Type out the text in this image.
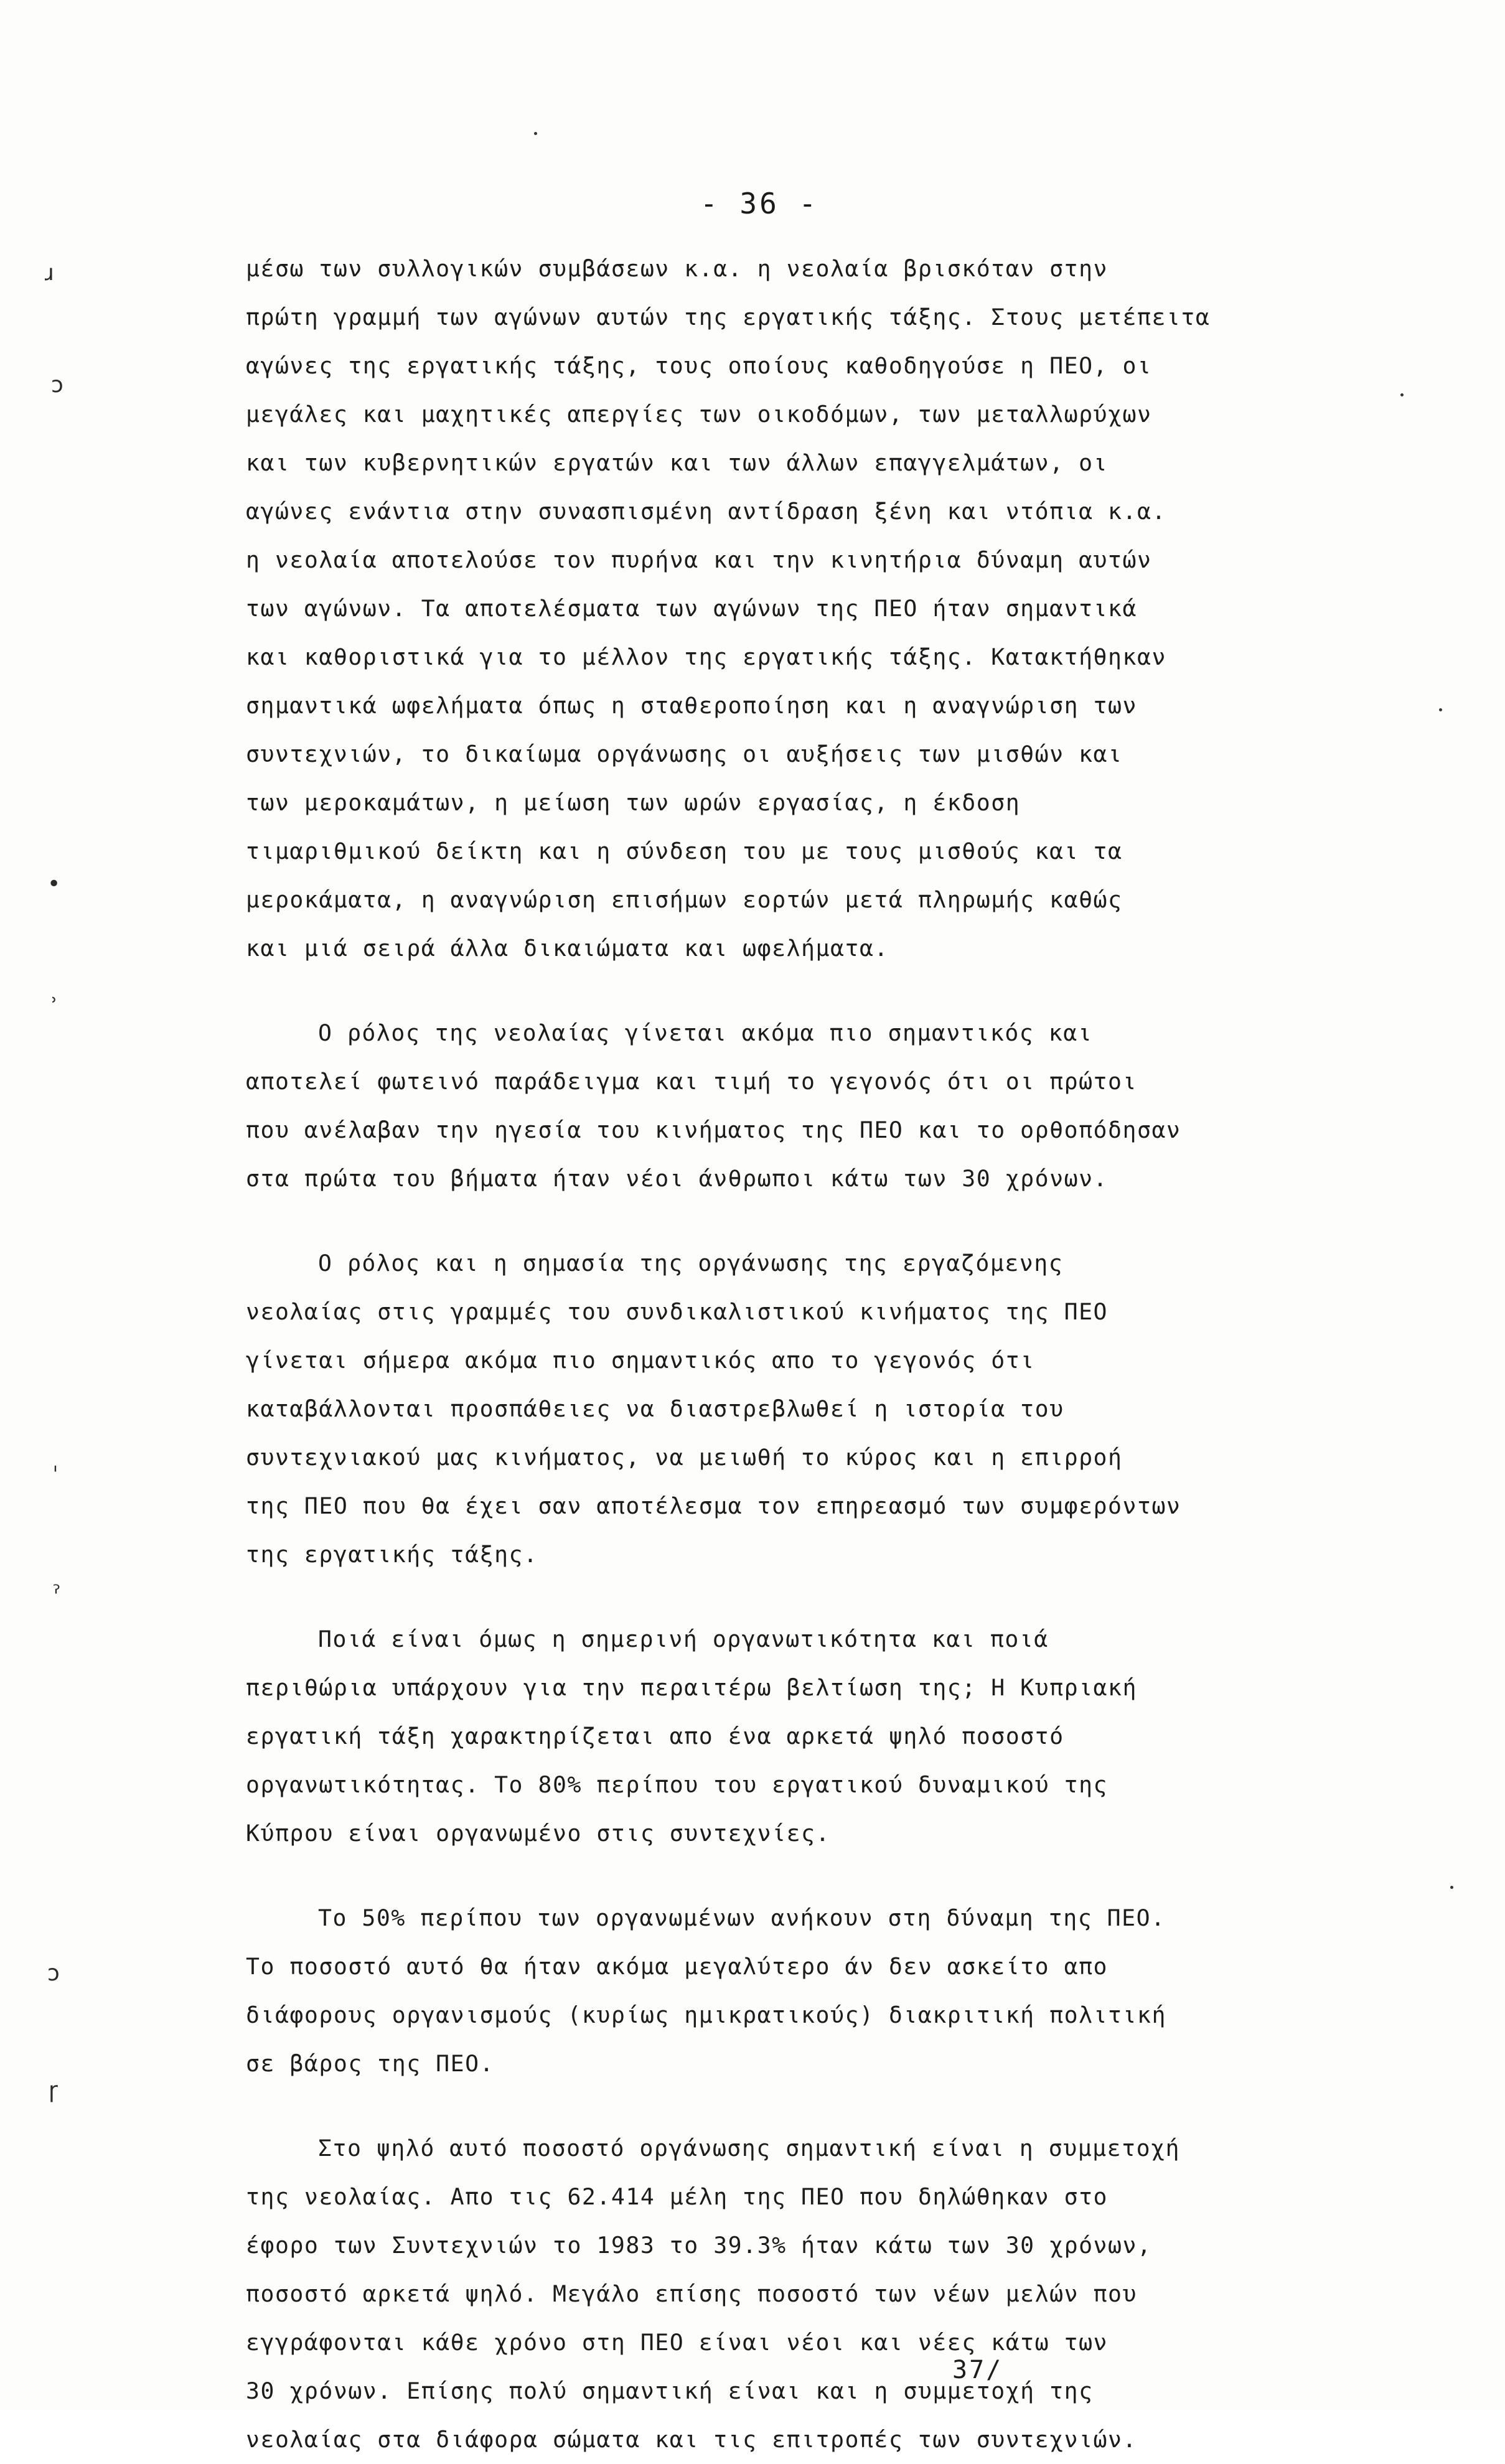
- 36 -
μέσω των συλλογικών συμβάσεων κ.α. η νεολαία βρισκόταν στην
πρώτη γραμμή των αγώνων αυτών της εργατικής τάξης. Στους μετέπειτα
αγώνες της εργατικής τάξης, τους οποίους καθοδηγούσε η ΠΕΟ, οι
μεγάλες και μαχητικές απεργίες των οικοδόμων, των μεταλλωρύχων
και των κυβερνητικών εργατών και των άλλων επαγγελμάτων, οι
αγώνες ενάντια στην συνασπισμένη αντίδραση ξένη και ντόπια κ.α.
η νεολαία αποτελούσε τον πυρήνα και την κινητήρια δύναμη αυτών
των αγώνων. Τα αποτελέσματα των αγώνων της ΠΕΟ ήταν σημαντικά
και καθοριστικά για το μέλλον της εργατικής τάξης. Κατακτήθηκαν
σημαντικά ωφελήματα όπως η σταθεροποίηση και η αναγνώριση των
συντεχνιών, το δικαίωμα οργάνωσης οι αυξήσεις των μισθών και
των μεροκαμάτων, η μείωση των ωρών εργασίας, η έκδοση
τιμαριθμικού δείκτη και η σύνδεση του με τους μισθούς και τα
μεροκάματα, η αναγνώριση επισήμων εορτών μετά πληρωμής καθώς
και μιά σειρά άλλα δικαιώματα και ωφελήματα.
Ο ρόλος της νεολαίας γίνεται ακόμα πιο σημαντικός και
αποτελεί φωτεινό παράδειγμα και τιμή το γεγονός ότι οι πρώτοι
που ανέλαβαν την ηγεσία του κινήματος της ΠΕΟ και το ορθοπόδησαν
στα πρώτα του βήματα ήταν νέοι άνθρωποι κάτω των 30 χρόνων.
Ο ρόλος και η σημασία της οργάνωσης της εργαζόμενης
νεολαίας στις γραμμές του συνδικαλιστικού κινήματος της ΠΕΟ
γίνεται σήμερα ακόμα πιο σημαντικός απο το γεγονός ότι
καταβάλλονται προσπάθειες να διαστρεβλωθεί η ιστορία του
συντεχνιακού μας κινήματος, να μειωθή το κύρος και η επιρροή
της ΠΕΟ που θα έχει σαν αποτέλεσμα τον επηρεασμό των συμφερόντων
της εργατικής τάξης.
Ποιά είναι όμως η σημερινή οργανωτικότητα και ποιά
περιθώρια υπάρχουν για την περαιτέρω βελτίωση της; Η Κυπριακή
εργατική τάξη χαρακτηρίζεται απο ένα αρκετά ψηλό ποσοστό
οργανωτικότητας. Το 80% περίπου του εργατικού δυναμικού της
Κύπρου είναι οργανωμένο στις συντεχνίες.
Το 50% περίπου των οργανωμένων ανήκουν στη δύναμη της ΠΕΟ.
Το ποσοστό αυτό θα ήταν ακόμα μεγαλύτερο άν δεν ασκείτο απο
διάφορους οργανισμούς (κυρίως ημικρατικούς) διακριτική πολιτική
σε βάρος της ΠΕΟ.
Στο ψηλό αυτό ποσοστό οργάνωσης σημαντική είναι η συμμετοχή
της νεολαίας. Απο τις 62.414 μέλη της ΠΕΟ που δηλώθηκαν στο
έφορο των Συντεχνιών το 1983 το 39.3% ήταν κάτω των 30 χρόνων,
ποσοστό αρκετά ψηλό. Μεγάλο επίσης ποσοστό των νέων μελών που
εγγράφονται κάθε χρόνο στη ΠΕΟ είναι νέοι και νέες κάτω των
30 χρόνων. Επίσης πολύ σημαντική είναι και η συμμετοχή της
νεολαίας στα διάφορα σώματα και τις επιτροπές των συντεχνιών.
37/
ɹ
ͻ
•
˒
ˈ
ˀ
ɔ
ɼ
